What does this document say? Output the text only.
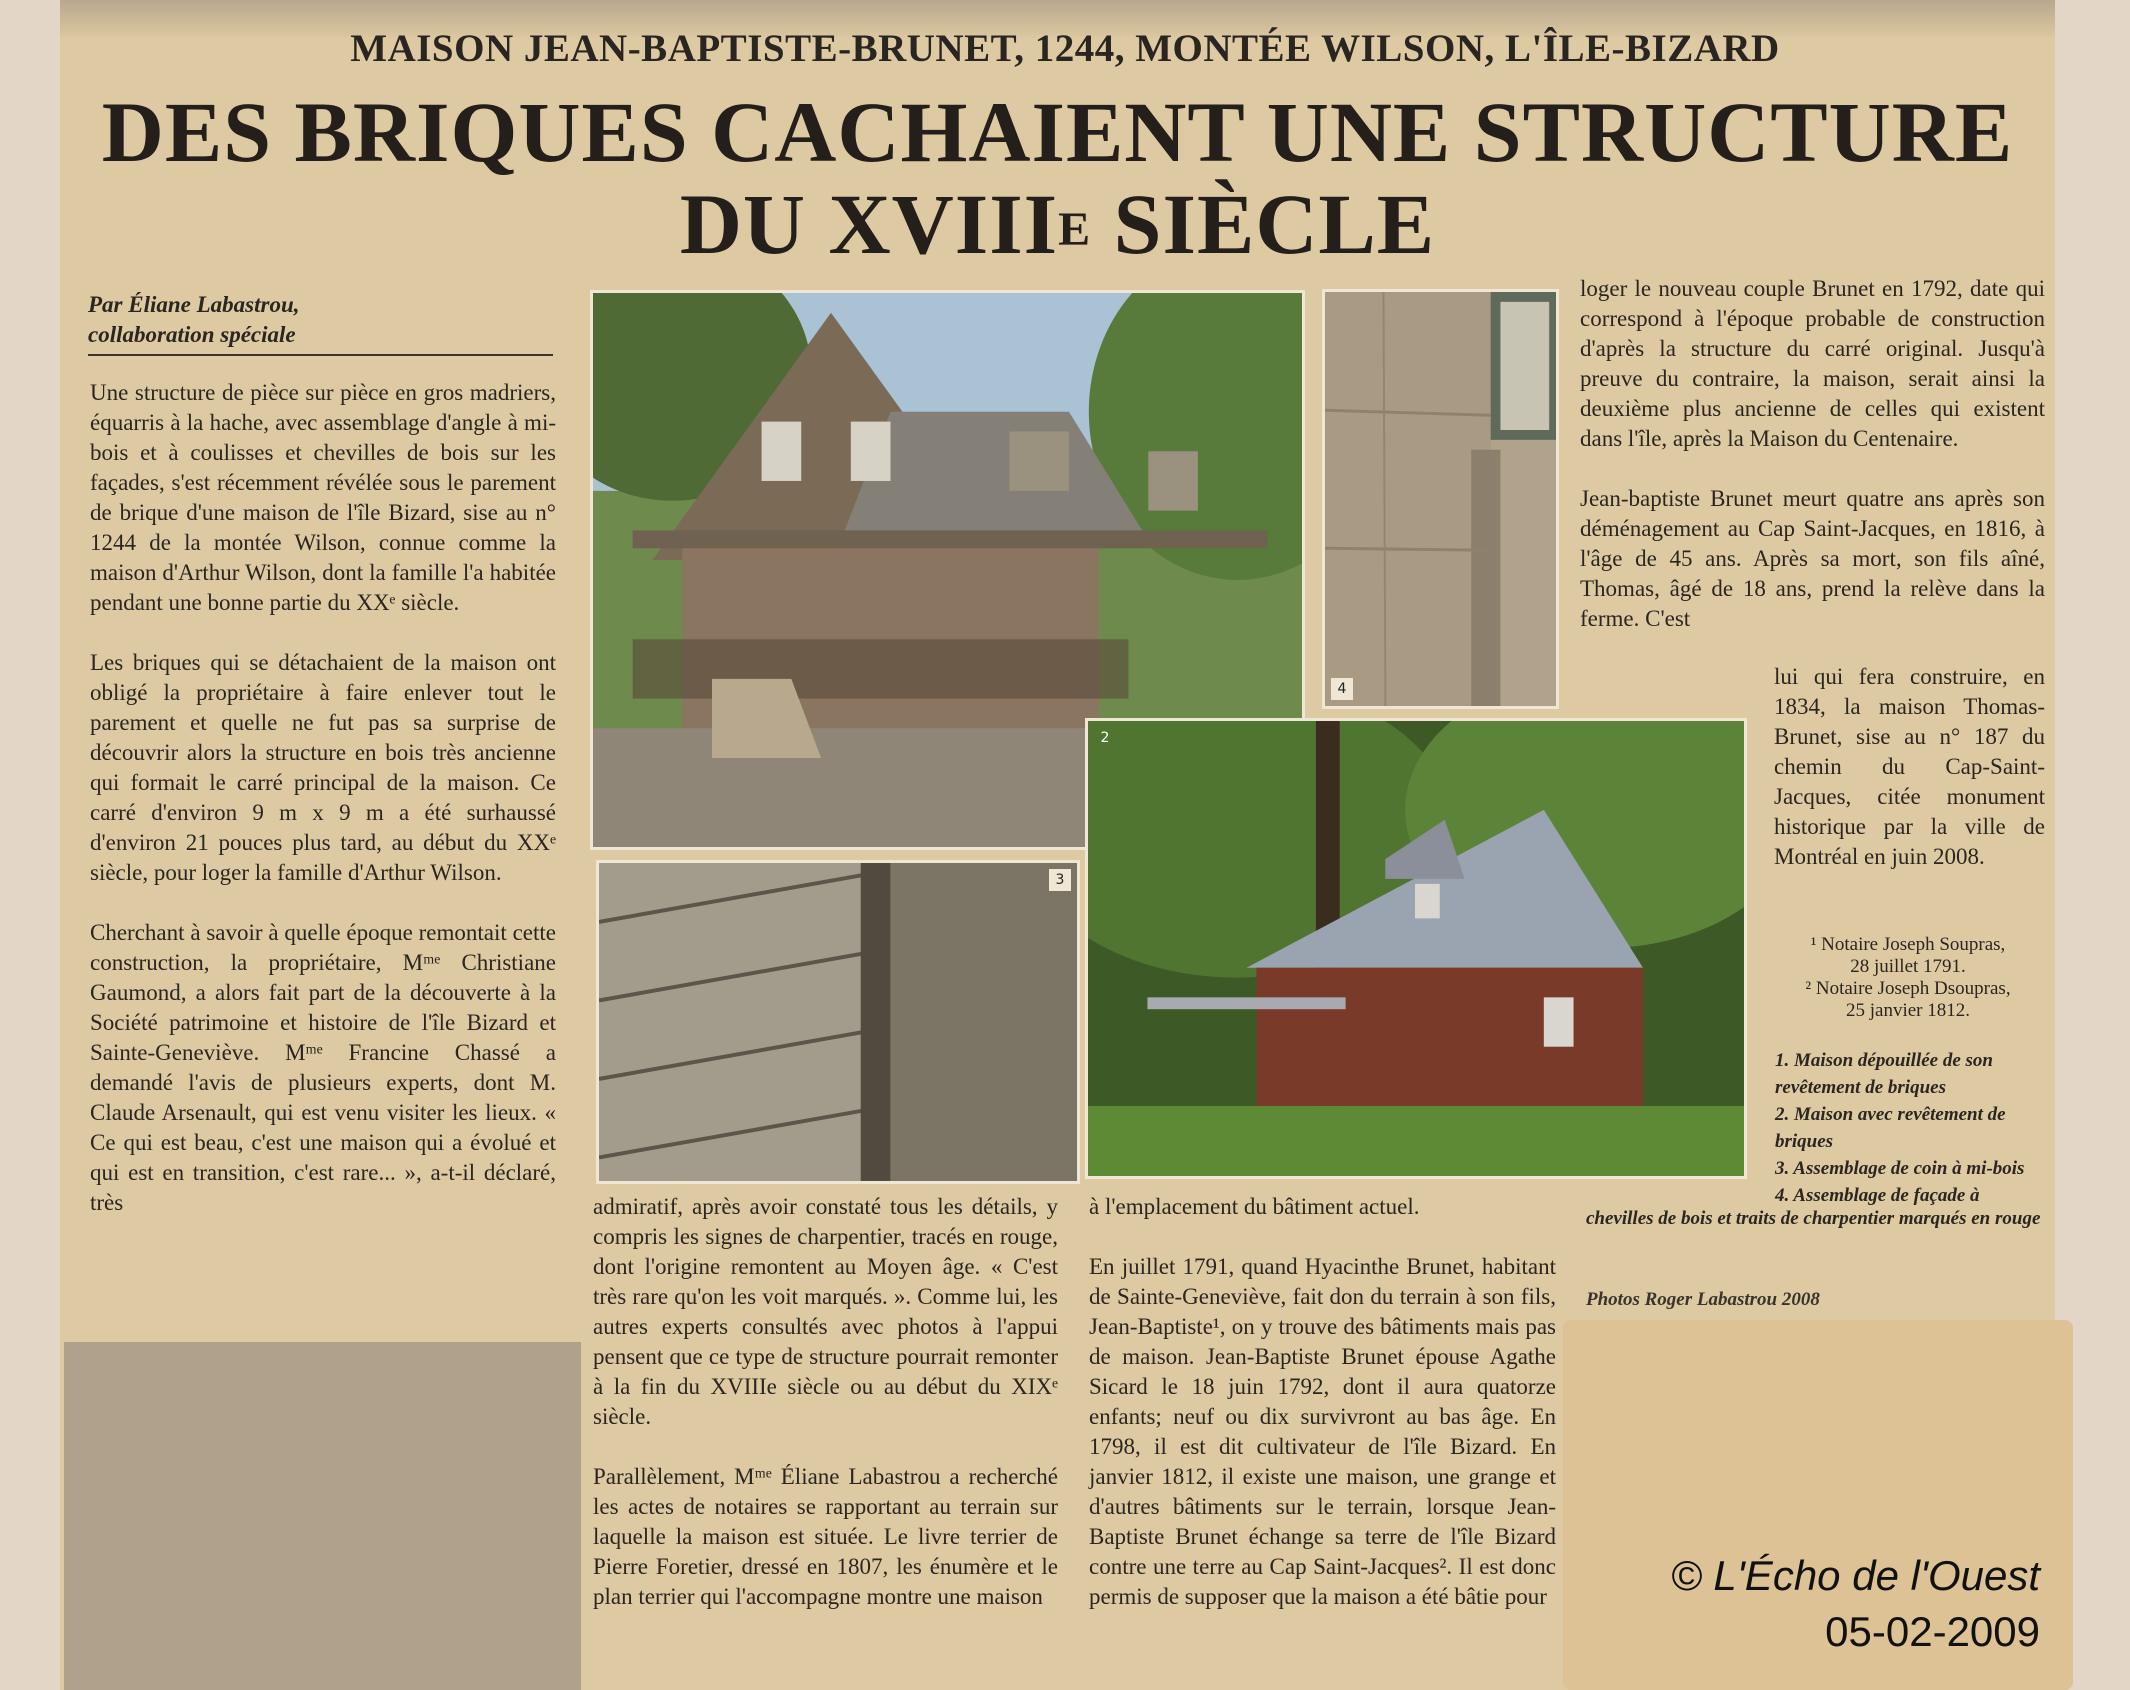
MAISON JEAN-BAPTISTE-BRUNET, 1244, MONTÉE WILSON, L'ÎLE-BIZARD
DES BRIQUES CACHAIENT UNE STRUCTURE
DU $XVIII^E$ SIÈCLE
Par Éliane Labastrou,
collaboration spéciale

Une structure de pièce sur pièce en gros madriers, équarris à la hache, avec assemblage d'angle à mi-bois et à coulisses et chevilles de bois sur les façades, s'est récemment révélée sous le parement de brique d'une maison de l'île Bizard, sise au n° 1244 de la montée Wilson, connue comme la maison d'Arthur Wilson, dont la famille l'a habitée pendant une bonne partie du XXᵉ siècle.

Les briques qui se détachaient de la maison ont obligé la propriétaire à faire enlever tout le parement et quelle ne fut pas sa surprise de découvrir alors la structure en bois très ancienne qui formait le carré principal de la maison. Ce carré d'environ 9 m x 9 m a été surhaussé d'environ 21 pouces plus tard, au début du XXᵉ siècle, pour loger la famille d'Arthur Wilson.

Cherchant à savoir à quelle époque remontait cette construction, la propriétaire, Mᵐᵉ Christiane Gaumond, a alors fait part de la découverte à la Société patrimoine et histoire de l'île Bizard et Sainte-Geneviève. Mᵐᵉ Francine Chassé a demandé l'avis de plusieurs experts, dont M. Claude Arsenault, qui est venu visiter les lieux. « Ce qui est beau, c'est une maison qui a évolué et qui est en transition, c'est rare... », a-t-il déclaré, très	admiratif, après avoir constaté tous les détails, y compris les signes de charpentier, tracés en rouge, dont l'origine remontent au Moyen âge. « C'est très rare qu'on les voit marqués. ». Comme lui, les autres experts consultés avec photos à l'appui pensent que ce type de structure pourrait remonter à la fin du XVIIIe siècle ou au début du XIXᵉ siècle.

Parallèlement, Mᵐᵉ Éliane Labastrou a recherché les actes de notaires se rapportant au terrain sur laquelle la maison est située. Le livre terrier de Pierre Foretier, dressé en 1807, les énumère et le plan terrier qui l'accompagne montre une maison

à l'emplacement du bâtiment actuel.

En juillet 1791, quand Hyacinthe Brunet, habitant de Sainte-Geneviève, fait don du terrain à son fils, Jean-Baptiste¹, on y trouve des bâtiments mais pas de maison. Jean-Baptiste Brunet épouse Agathe Sicard le 18 juin 1792, dont il aura quatorze enfants; neuf ou dix survivront au bas âge. En 1798, il est dit cultivateur de l'île Bizard. En janvier 1812, il existe une maison, une grange et d'autres bâtiments sur le terrain, lorsque Jean-Baptiste Brunet échange sa terre de l'île Bizard contre une terre au Cap Saint-Jacques². Il est donc permis de supposer que la maison a été bâtie pour

loger le nouveau couple Brunet en 1792, date qui correspond à l'époque probable de construction d'après la structure du carré original. Jusqu'à preuve du contraire, la maison, serait ainsi la deuxième plus ancienne de celles qui existent dans l'île, après la Maison du Centenaire.

Jean-baptiste Brunet meurt quatre ans après son déménagement au Cap Saint-Jacques, en 1816, à l'âge de 45 ans. Après sa mort, son fils aîné, Thomas, âgé de 18 ans, prend la relève dans la ferme. C'est

lui qui fera construire, en 1834, la maison Thomas-Brunet, sise au n° 187 du chemin du Cap-Saint-Jacques, citée monument historique par la ville de Montréal en juin 2008.
¹ Notaire Joseph Soupras,
28 juillet 1791.
² Notaire Joseph Dsoupras,
25 janvier 1812.
1. Maison dépouillée de son revêtement de briques
2. Maison avec revêtement de briques
3. Assemblage de coin à mi-bois
4. Assemblage de façade à
chevilles de bois et traits de charpentier marqués en rouge
Photos Roger Labastrou 2008
4
3
2
© L'Écho de l'Ouest
05-02-2009
